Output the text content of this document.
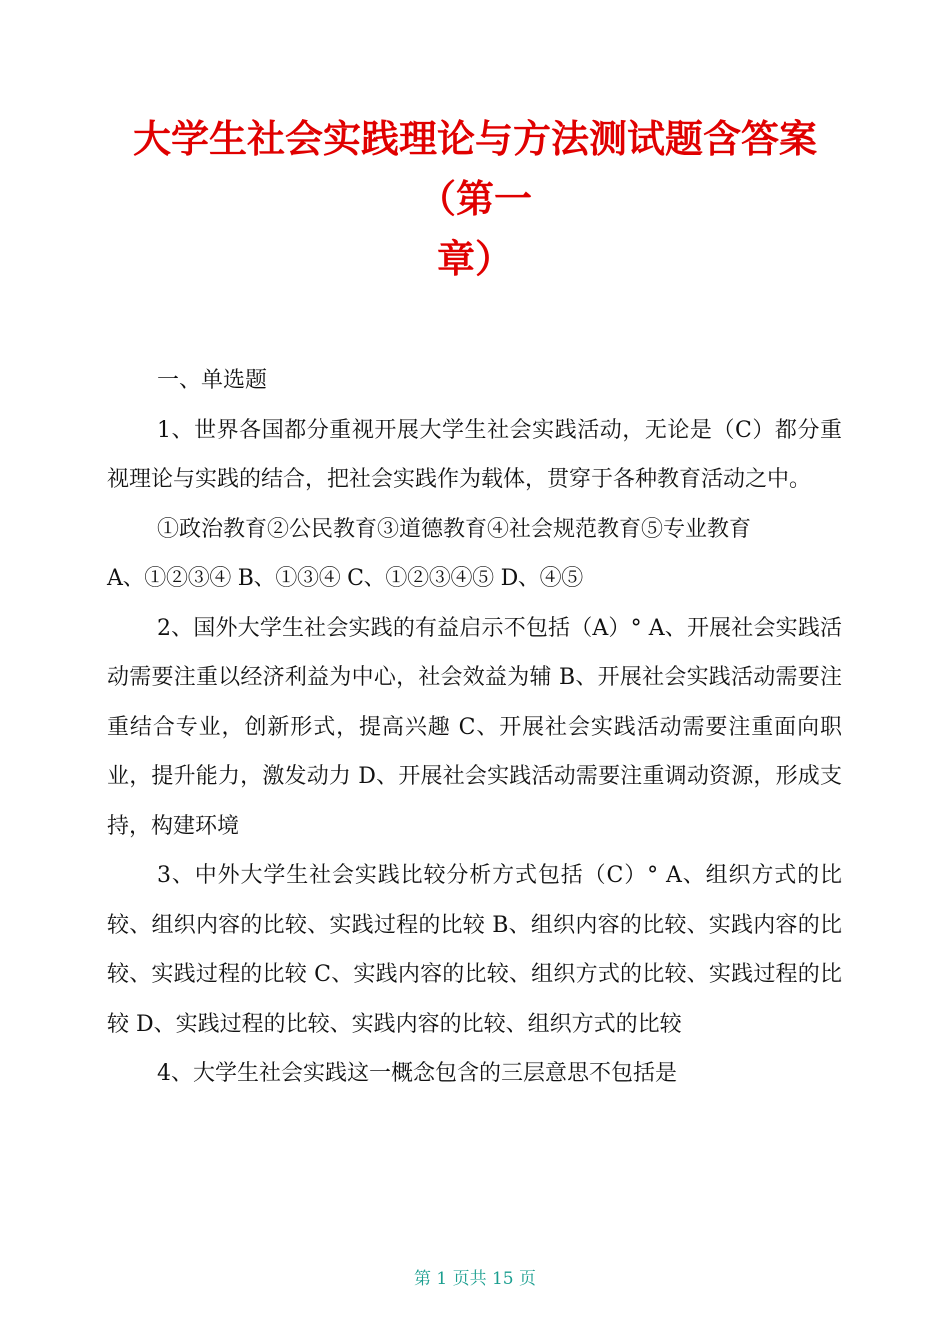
大学生社会实践理论与方法测试题含答案
（第一
章）

一、单选题

1、世界各国都分重视开展大学生社会实践活动，无论是（C）都分重视理论与实践的结合，把社会实践作为载体，贯穿于各种教育活动之中。

①政治教育②公民教育③道德教育④社会规范教育⑤专业教育

A、①②③④ B、①③④ C、①②③④⑤ D、④⑤

2、国外大学生社会实践的有益启示不包括（A）° A、开展社会实践活动需要注重以经济利益为中心，社会效益为辅 B、开展社会实践活动需要注重结合专业，创新形式，提高兴趣 C、开展社会实践活动需要注重面向职业，提升能力，激发动力 D、开展社会实践活动需要注重调动资源，形成支持，构建环境

3、中外大学生社会实践比较分析方式包括（C）° A、组织方式的比较、组织内容的比较、实践过程的比较 B、组织内容的比较、实践内容的比较、实践过程的比较 C、实践内容的比较、组织方式的比较、实践过程的比较 D、实践过程的比较、实践内容的比较、组织方式的比较

4、大学生社会实践这一概念包含的三层意思不包括是

第 1 页共 15 页
